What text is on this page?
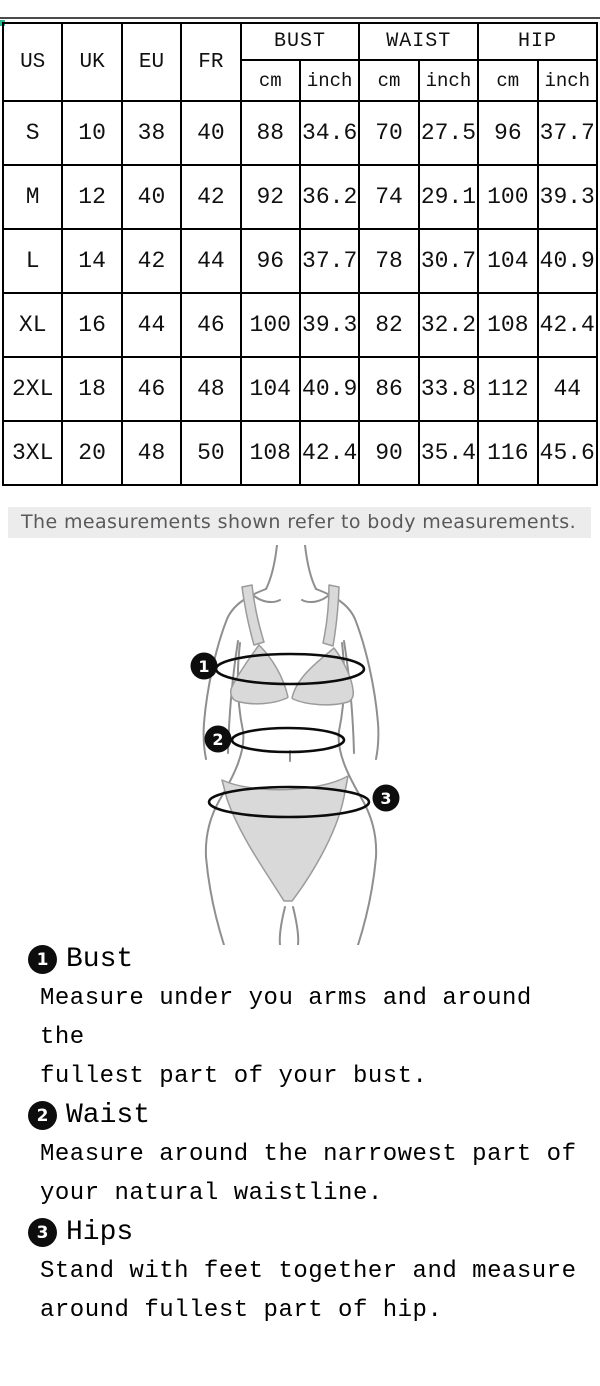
US	UK	EU	FR	BUST		WAIST		HIP	
				cm	inch	cm	inch	cm	inch
S	10	38	40	88	34.6	70	27.5	96	37.7
M	12	40	42	92	36.2	74	29.1	100	39.3
L	14	42	44	96	37.7	78	30.7	104	40.9
XL	16	44	46	100	39.3	82	32.2	108	42.4
2XL	18	46	48	104	40.9	86	33.8	112	44
3XL	20	48	50	108	42.4	90	35.4	116	45.6
The measurements shown refer to body measurements.
1
2
3
1 Bust

Measure under you arms and around the

fullest part of your bust.

2 Waist

Measure around the narrowest part of

your natural waistline.

3 Hips

Stand with feet together and measure

around fullest part of hip.
